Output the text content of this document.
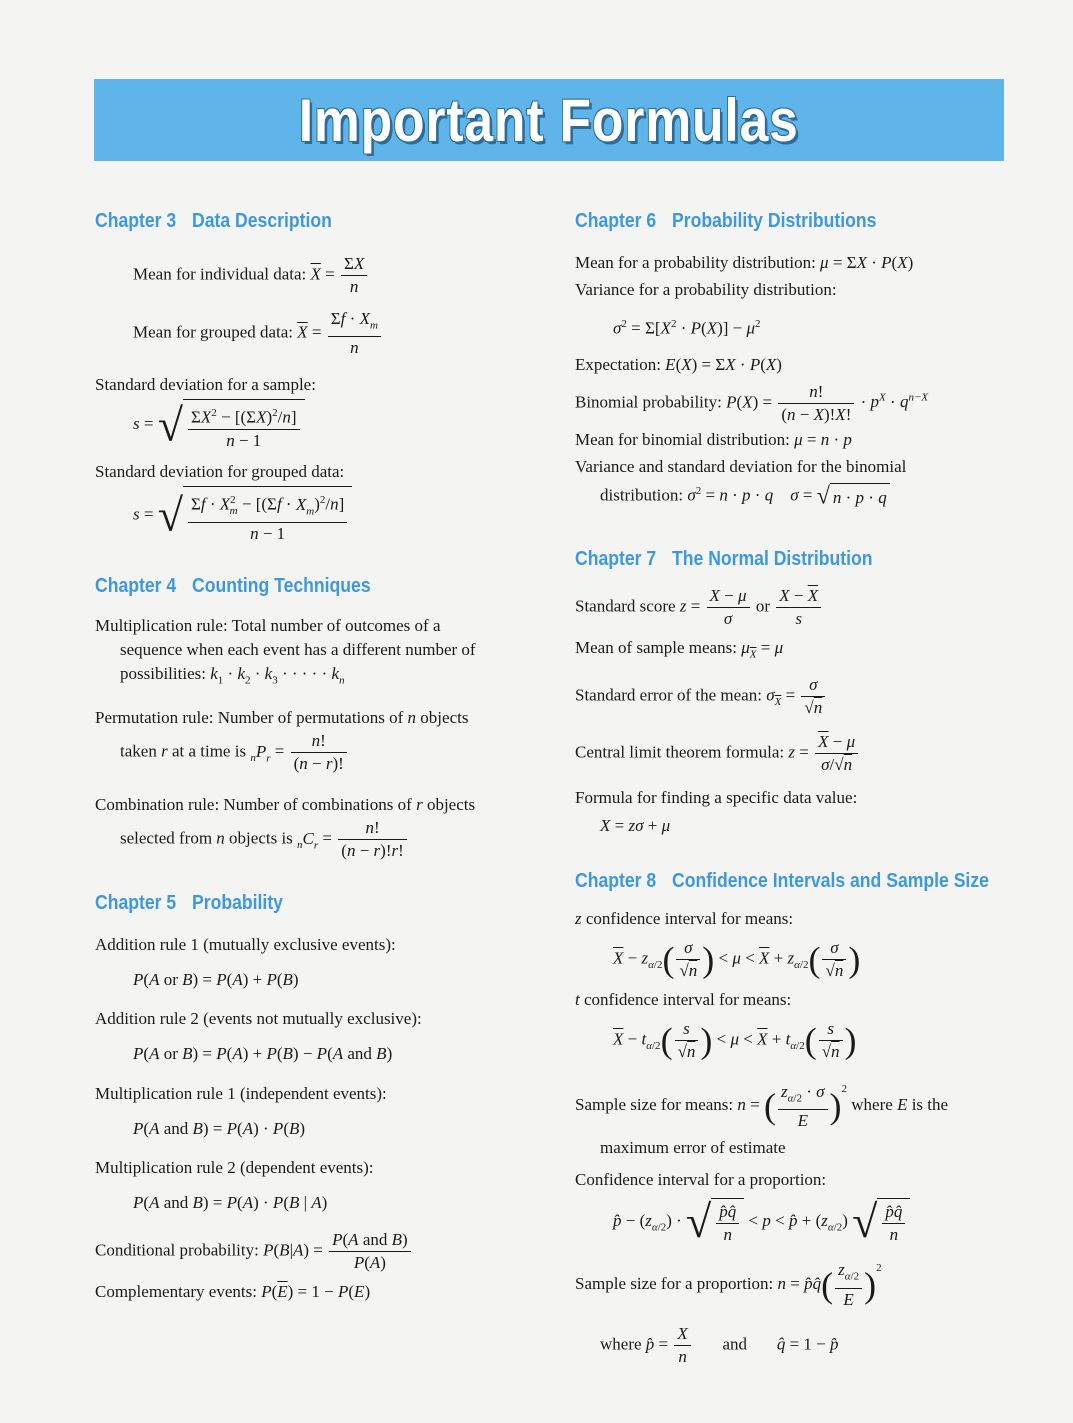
Important Formulas
Chapter 3 Data Description
Mean for individual data: $\overline{X} = \frac{\Sigma X}{n}$
Mean for grouped data: $\overline{X} = \frac{\Sigma f \cdot X_m}{n}$
Standard deviation for a sample:
s = √ $\frac{\Sigma X^2 - [(\Sigma X)^2/n]}{n - 1}$
Standard deviation for grouped data:
s = √ $\frac{\Sigma f \cdot X^2_m - [(\Sigma f \cdot X_m)^2/n]}{n - 1}$
Chapter 4 Counting Techniques
Multiplication rule: Total number of outcomes of a
sequence when each event has a different number of
possibilities: $k_1 \cdot k_2 \cdot k_3$ · · · · · $k_n$
Permutation rule: Number of permutations of n objects
taken r at a time is $_nP_r = \frac{n!}{(n - r)!}$
Combination rule: Number of combinations of r objects
selected from n objects is $_nC_r = \frac{n!}{(n - r)!r!}$
Chapter 5 Probability
Addition rule 1 (mutually exclusive events):
P(A or B) = P(A) + P(B)
Addition rule 2 (events not mutually exclusive):
P(A or B) = P(A) + P(B) − P(A and B)
Multiplication rule 1 (independent events):
P(A and B) = P(A) · P(B)
Multiplication rule 2 (dependent events):
P(A and B) = P(A) · P(B | A)
Conditional probability: $P(B|A) = \frac{\text{P(A and B)}}{P(A)}$
Complementary events: $P(\overline{E}) = 1 - P(E)$
Chapter 6 Probability Distributions
Mean for a probability distribution: μ = ΣX · P(X)
Variance for a probability distribution:
$\sigma^2 = \Sigma[X^2 \cdot P(X)] - \mu^2$
Expectation: E(X) = ΣX · P(X)
Binomial probability: $P(X) = \frac{n!}{(n - X)!X!} \cdot p^X \cdot q^{n-X}$
Mean for binomial distribution: μ = n · p
Variance and standard deviation for the binomial
distribution: $\sigma^2 = n \cdot p \cdot q$ σ = √ n · p · q
Chapter 7 The Normal Distribution
Standard score $z = \frac{X - \mu}{\sigma}$ or $\frac{X - \overline{X}}{s}$
Mean of sample means: $\mu_{\overline{X}} = \mu$
Standard error of the mean: $\sigma_{\overline{X}} = \frac{\sigma}{√n}$
Central limit theorem formula: $z = \frac{\overline{X} - \mu}{\sigma/√n}$
Formula for finding a specific data value:
X = zσ + μ
Chapter 8 Confidence Intervals and Sample Size
z confidence interval for means:
$\overline{X} - z_{\alpha/2}( \frac{\sigma}{√n}$ ) < $\mu < \overline{X} + z_{\alpha/2}( \frac{\sigma}{√n}$ )
t confidence interval for means:
$\overline{X} - t_{\alpha/2}( \frac{s}{√n}$ ) < $\mu < \overline{X} + t_{\alpha/2}( \frac{s}{√n}$ )
Sample size for means: n = ( $\frac{z_{\alpha/2} \cdot \sigma}{E} )^2$ where E is the
maximum error of estimate
Confidence interval for a proportion:
p̂ − $(z_{\alpha/2})$ · √ $\frac{p̂q̂}{n} < p$ < p̂ + $(z_{\alpha/2})$ √ $\frac{p̂q̂}{n}$
Sample size for a proportion: n = p̂q̂( $\frac{z_{\alpha/2}}{E} )^2$
where p̂ = $\frac{X}{n}$ and q̂ = 1 − p̂
